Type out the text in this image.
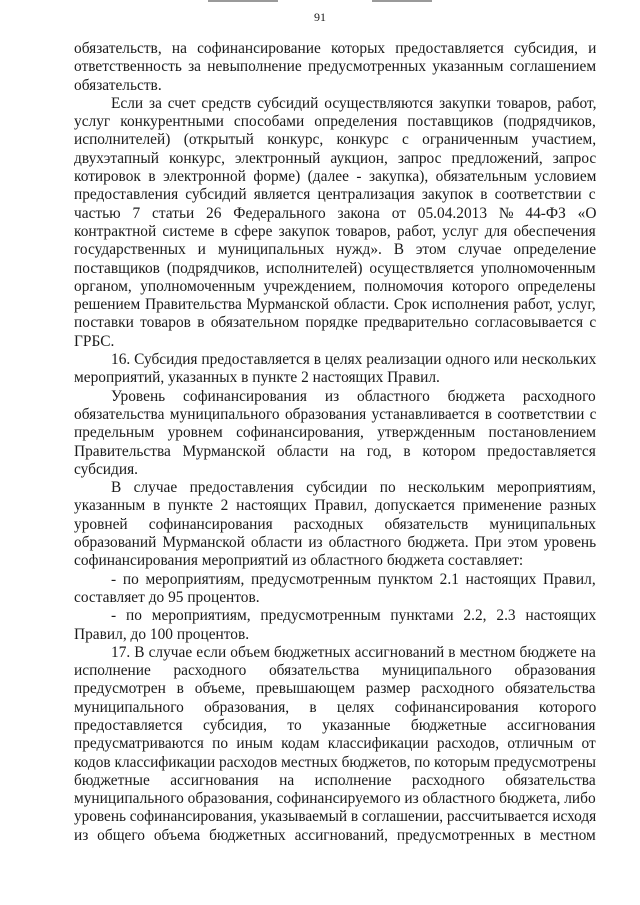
91
обязательств, на софинансирование которых предоставляется субсидия, и
ответственность за невыполнение предусмотренных указанным соглашением
обязательств.
Если за счет средств субсидий осуществляются закупки товаров, работ,
услуг конкурентными способами определения поставщиков (подрядчиков,
исполнителей) (открытый конкурс, конкурс с ограниченным участием,
двухэтапный конкурс, электронный аукцион, запрос предложений, запрос
котировок в электронной форме) (далее - закупка), обязательным условием
предоставления субсидий является централизация закупок в соответствии с
частью 7 статьи 26 Федерального закона от 05.04.2013 № 44-ФЗ «О
контрактной системе в сфере закупок товаров, работ, услуг для обеспечения
государственных и муниципальных нужд». В этом случае определение
поставщиков (подрядчиков, исполнителей) осуществляется уполномоченным
органом, уполномоченным учреждением, полномочия которого определены
решением Правительства Мурманской области. Срок исполнения работ, услуг,
поставки товаров в обязательном порядке предварительно согласовывается с
ГРБС.
16. Субсидия предоставляется в целях реализации одного или нескольких
мероприятий, указанных в пункте 2 настоящих Правил.
Уровень софинансирования из областного бюджета расходного
обязательства муниципального образования устанавливается в соответствии с
предельным уровнем софинансирования, утвержденным постановлением
Правительства Мурманской области на год, в котором предоставляется
субсидия.
В случае предоставления субсидии по нескольким мероприятиям,
указанным в пункте 2 настоящих Правил, допускается применение разных
уровней софинансирования расходных обязательств муниципальных
образований Мурманской области из областного бюджета. При этом уровень
софинансирования мероприятий из областного бюджета составляет:
- по мероприятиям, предусмотренным пунктом 2.1 настоящих Правил,
составляет до 95 процентов.
- по мероприятиям, предусмотренным пунктами 2.2, 2.3 настоящих
Правил, до 100 процентов.
17. В случае если объем бюджетных ассигнований в местном бюджете на
исполнение расходного обязательства муниципального образования
предусмотрен в объеме, превышающем размер расходного обязательства
муниципального образования, в целях софинансирования которого
предоставляется субсидия, то указанные бюджетные ассигнования
предусматриваются по иным кодам классификации расходов, отличным от
кодов классификации расходов местных бюджетов, по которым предусмотрены
бюджетные ассигнования на исполнение расходного обязательства
муниципального образования, софинансируемого из областного бюджета, либо
уровень софинансирования, указываемый в соглашении, рассчитывается исходя
из общего объема бюджетных ассигнований, предусмотренных в местном
